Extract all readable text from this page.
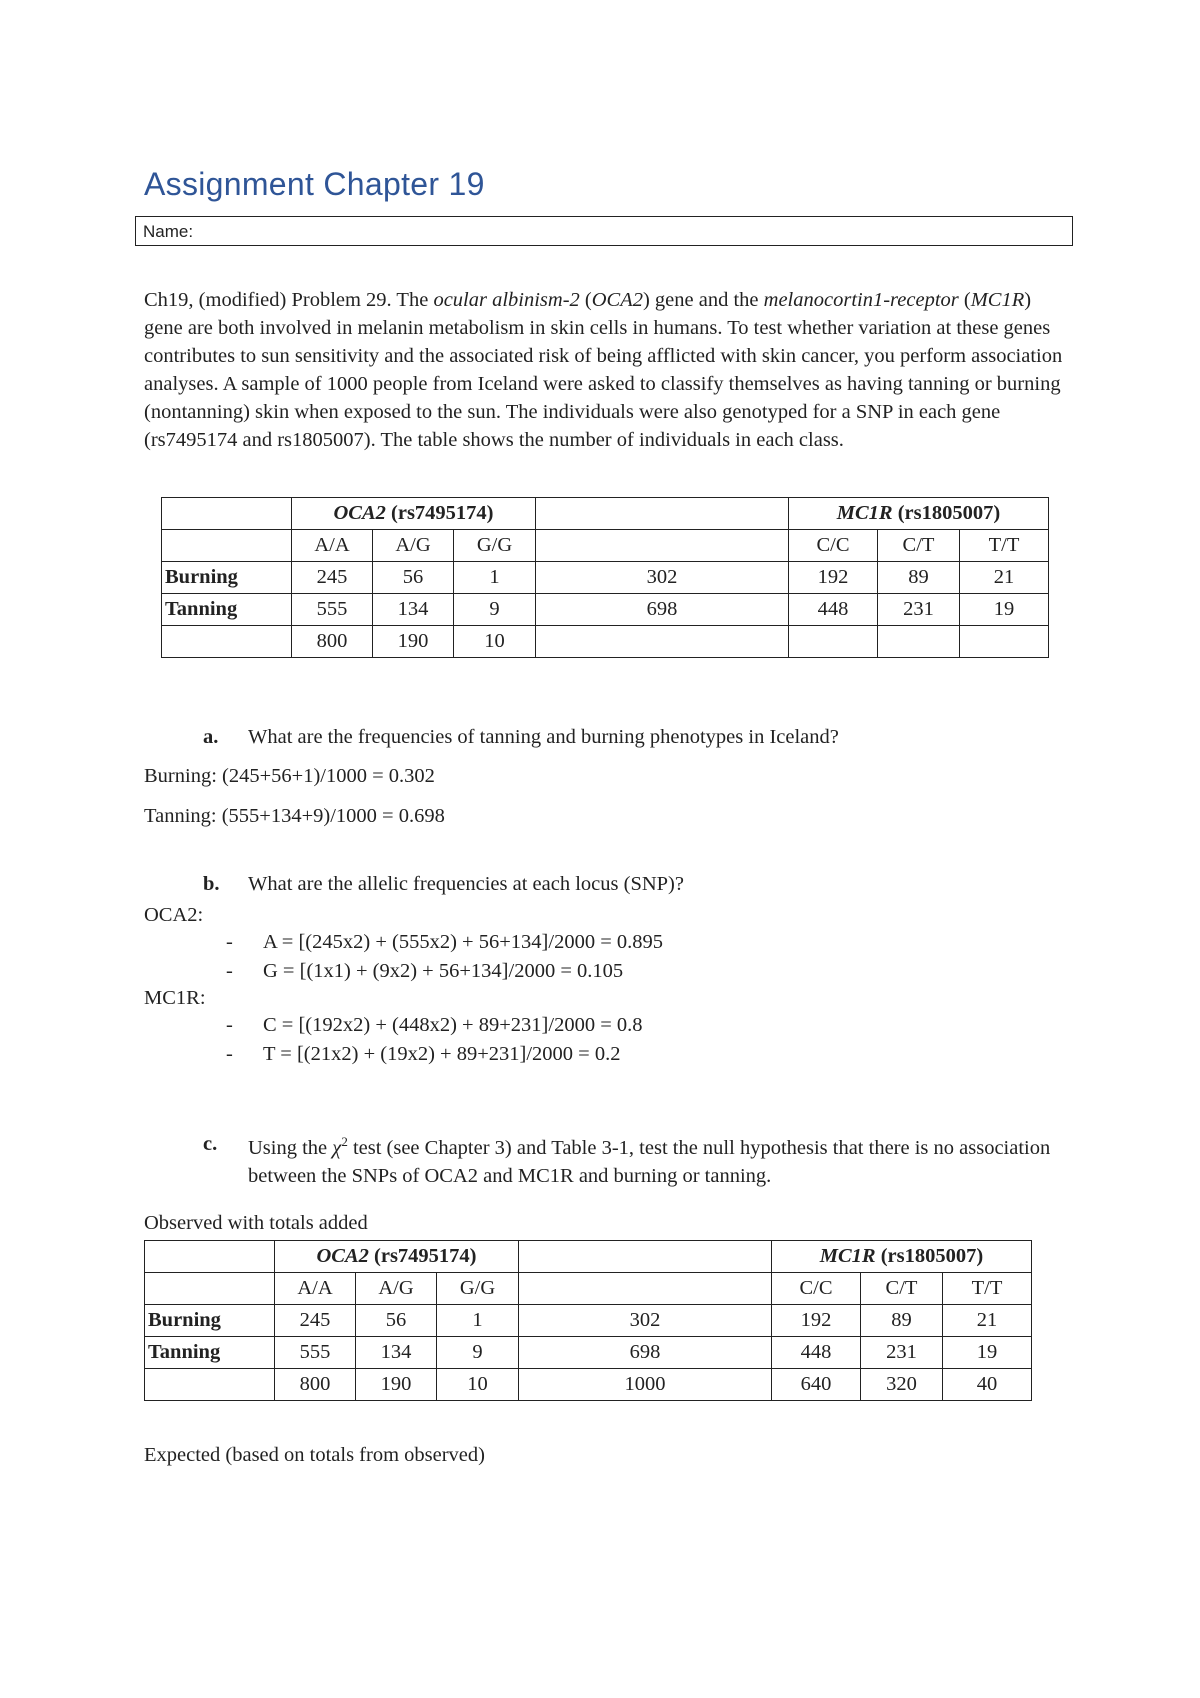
Assignment Chapter 19
Name:
Ch19, (modified) Problem 29. The ocular albinism-2 (OCA2) gene and the melanocortin1-receptor (MC1R) gene are both involved in melanin metabolism in skin cells in humans. To test whether variation at these genes contributes to sun sensitivity and the associated risk of being afflicted with skin cancer, you perform association analyses. A sample of 1000 people from Iceland were asked to classify themselves as having tanning or burning (nontanning) skin when exposed to the sun. The individuals were also genotyped for a SNP in each gene (rs7495174 and rs1805007). The table shows the number of individuals in each class.
	OCA2 (rs7495174)				MC1R (rs1805007)		
	A/A	A/G	G/G		C/C	C/T	T/T
Burning	245	56	1	302	192	89	21
Tanning	555	134	9	698	448	231	19
	800	190	10				
a. What are the frequencies of tanning and burning phenotypes in Iceland?
Burning: (245+56+1)/1000 = 0.302
Tanning: (555+134+9)/1000 = 0.698
b. What are the allelic frequencies at each locus (SNP)?
OCA2:
- A = [(245x2) + (555x2) + 56+134]/2000 = 0.895
- G = [(1x1) + (9x2) + 56+134]/2000 = 0.105
MC1R:
- C = [(192x2) + (448x2) + 89+231]/2000 = 0.8
- T = [(21x2) + (19x2) + 89+231]/2000 = 0.2
c. Using the $\chi^2$ test (see Chapter 3) and Table 3-1, test the null hypothesis that there is no association between the SNPs of OCA2 and MC1R and burning or tanning.
Observed with totals added
	OCA2 (rs7495174)				MC1R (rs1805007)		
	A/A	A/G	G/G		C/C	C/T	T/T
Burning	245	56	1	302	192	89	21
Tanning	555	134	9	698	448	231	19
	800	190	10	1000	640	320	40
Expected (based on totals from observed)
